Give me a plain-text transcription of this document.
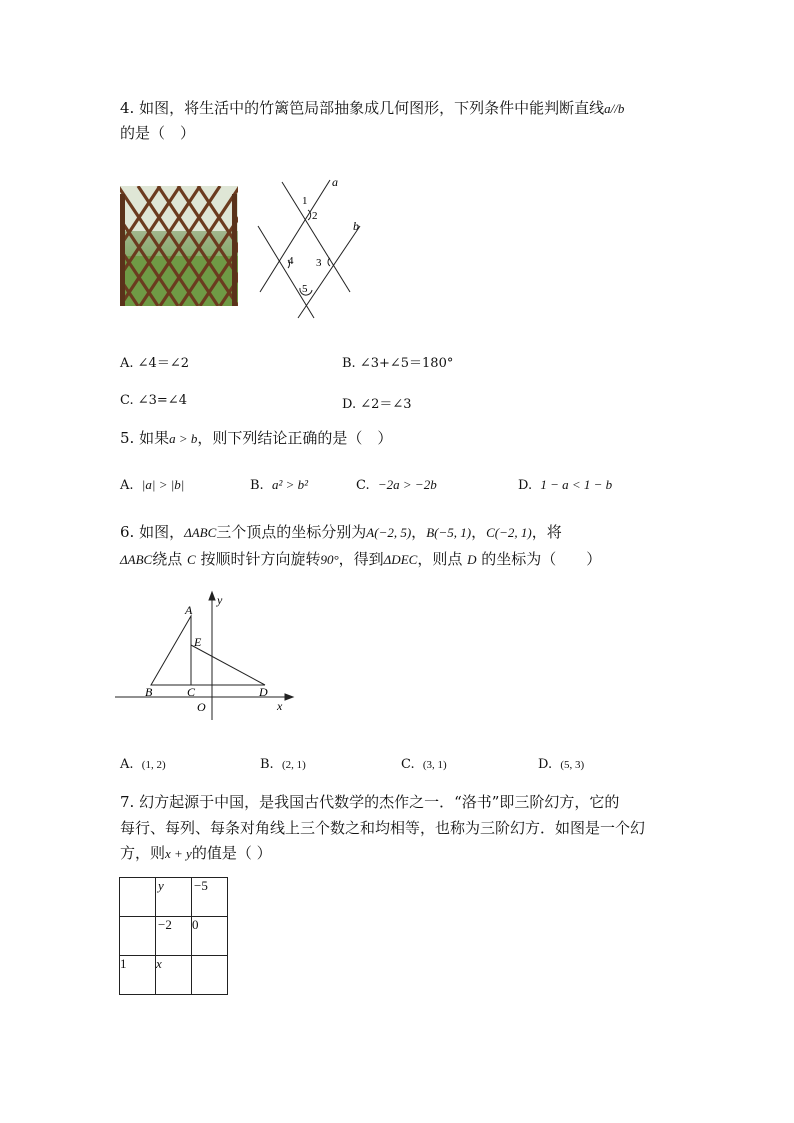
4. 如图，将生活中的竹篱笆局部抽象成几何图形，下列条件中能判断直线a//b
的是（　）
a
b
1
2
3
4
5
A. ∠4＝∠2	B. ∠3+∠5＝180°
C. ∠3=∠4	D. ∠2＝∠3
5. 如果a > b，则下列结论正确的是（　）
A. |a| > |b|	B. a² > b²	C. −2a > −2b	D. 1 − a < 1 − b
6. 如图，ΔABC三个顶点的坐标分别为A(−2, 5)，B(−5, 1)，C(−2, 1)，将
ΔABC绕点 C 按顺时针方向旋转90°，得到ΔDEC，则点 D 的坐标为（　　）
A
E
B	C	D
O	x
y
A. (1, 2)	B. (2, 1)	C. (3, 1)	D. (5, 3)
7. 幻方起源于中国，是我国古代数学的杰作之一．“洛书”即三阶幻方，它的
每行、每列、每条对角线上三个数之和均相等，也称为三阶幻方．如图是一个幻
方，则x + y的值是（ ）
	y	−5
	−2	0
1	x	
